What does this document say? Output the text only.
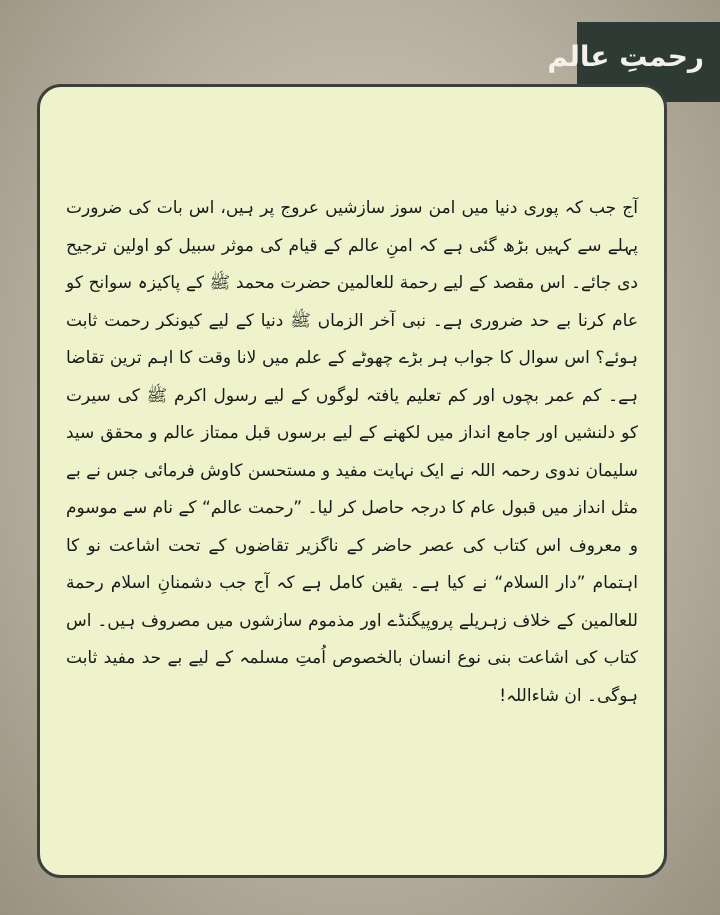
رحمتِ عالم

آج جب کہ پوری دنیا میں امن سوز سازشیں عروج پر ہیں، اس بات کی ضرورت پہلے سے کہیں بڑھ گئی ہے کہ امنِ عالم کے قیام کی موثر سبیل کو اولین ترجیح دی جائے۔ اس مقصد کے لیے رحمة للعالمین حضرت محمد ﷺ کے پاکیزہ سوانح کو عام کرنا بے حد ضروری ہے۔ نبی آخر الزماں ﷺ دنیا کے لیے کیونکر رحمت ثابت ہوئے؟ اس سوال کا جواب ہر بڑے چھوٹے کے علم میں لانا وقت کا اہم ترین تقاضا ہے۔ کم عمر بچوں اور کم تعلیم یافتہ لوگوں کے لیے رسول اکرم ﷺ کی سیرت کو دلنشیں اور جامع انداز میں لکھنے کے لیے برسوں قبل ممتاز عالم و محقق سید سلیمان ندوی رحمہ اللہ نے ایک نہایت مفید و مستحسن کاوش فرمائی جس نے بے مثل انداز میں قبول عام کا درجہ حاصل کر لیا۔ ”رحمت عالم“ کے نام سے موسوم و معروف اس کتاب کی عصر حاضر کے ناگزیر تقاضوں کے تحت اشاعت نو کا اہتمام ”دار السلام“ نے کیا ہے۔ یقین کامل ہے کہ آج جب دشمنانِ اسلام رحمة للعالمین کے خلاف زہریلے پروپیگنڈے اور مذموم سازشوں میں مصروف ہیں۔ اس کتاب کی اشاعت بنی نوع انسان بالخصوص اُمتِ مسلمہ کے لیے بے حد مفید ثابت ہوگی۔ ان شاءاللہ!
